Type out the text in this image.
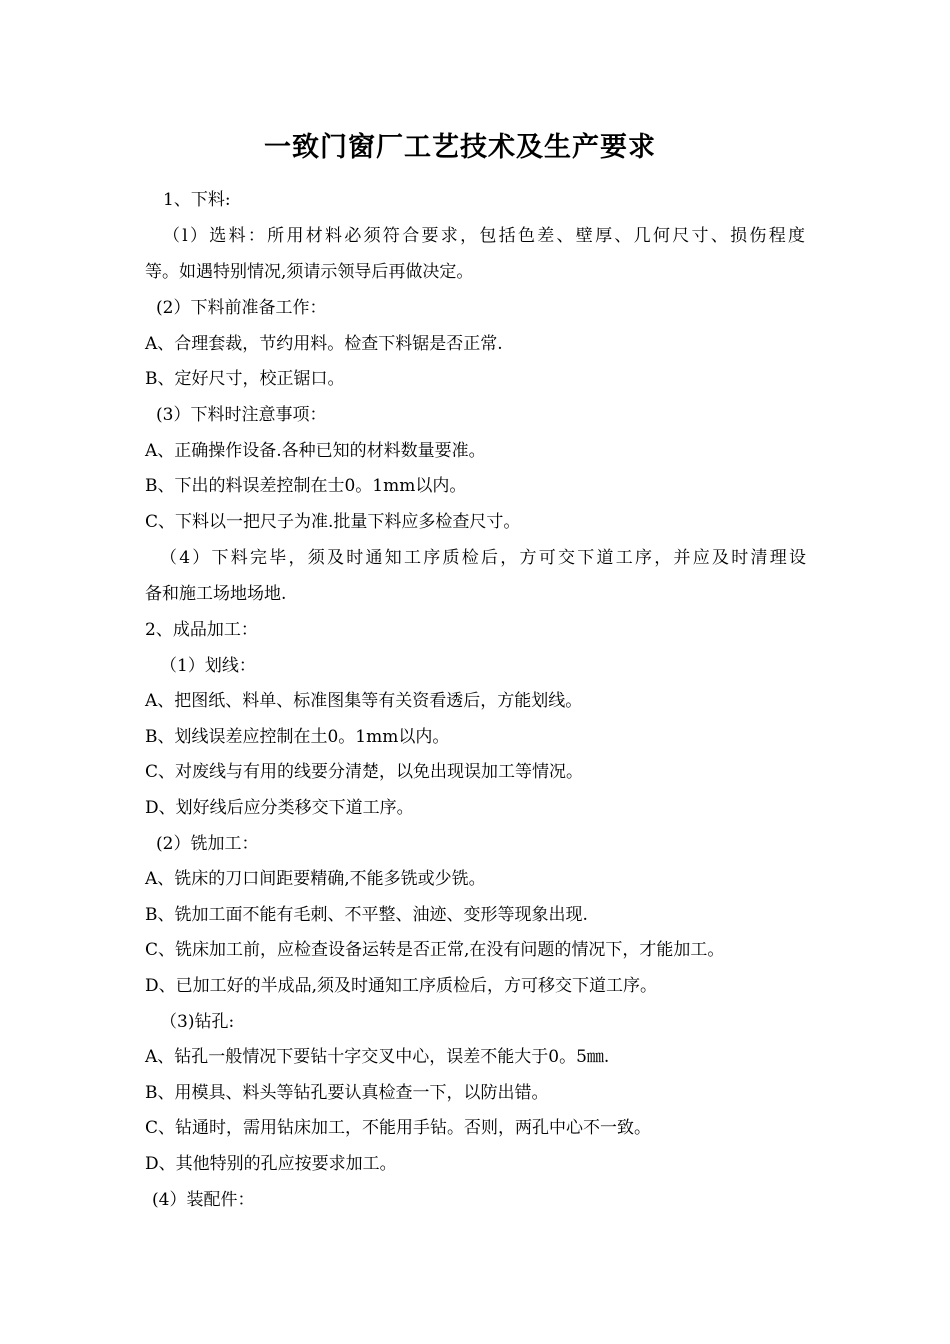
一致门窗厂工艺技术及生产要求
1、下料:
（l）选料：所用材料必须符合要求，包括色差、壁厚、几何尺寸、损伤程度
等。如遇特别情况,须请示领导后再做决定。
(2）下料前准备工作：
A、合理套裁，节约用料。检查下料锯是否正常.
B、定好尺寸，校正锯口。
(3）下料时注意事项：
A、正确操作设备.各种已知的材料数量要准。
B、下出的料误差控制在士0。1mm以内。
C、下料以一把尺子为准.批量下料应多检查尺寸。
（4）下料完毕，须及时通知工序质检后，方可交下道工序，并应及时清理设
备和施工场地场地.
2、成品加工：
（1）划线：
A、把图纸、料单、标准图集等有关资看透后，方能划线。
B、划线误差应控制在土0。1mm以内。
C、对废线与有用的线要分清楚，以免出现误加工等情况。
D、划好线后应分类移交下道工序。
(2）铣加工：
A、铣床的刀口间距要精确,不能多铣或少铣。
B、铣加工面不能有毛刺、不平整、油迹、变形等现象出现.
C、铣床加工前，应检查设备运转是否正常,在没有问题的情况下，才能加工。
D、已加工好的半成品,须及时通知工序质检后，方可移交下道工序。
（3)钻孔:
A、钻孔一般情况下要钻十字交叉中心，误差不能大于0。5㎜.
B、用模具、料头等钻孔要认真检查一下，以防出错。
C、钻通时，需用钻床加工，不能用手钻。否则，两孔中心不一致。
D、其他特别的孔应按要求加工。
(4）装配件：
